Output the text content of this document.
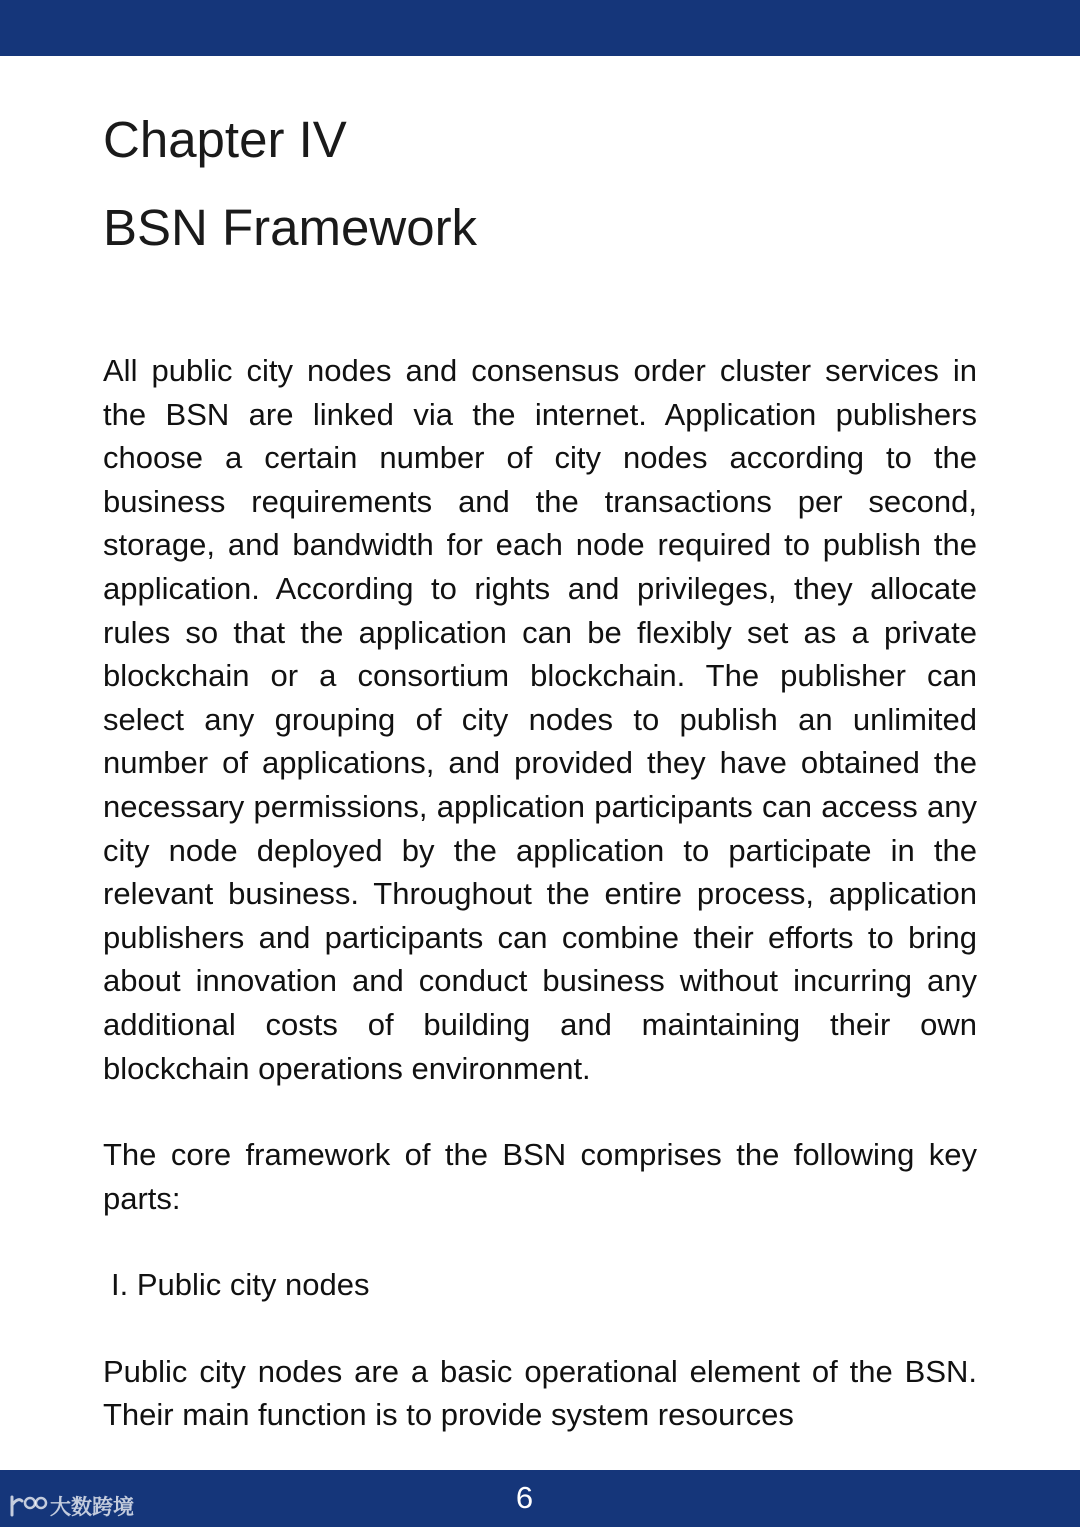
Chapter IV
BSN Framework

All public city nodes and consensus order cluster services in the BSN are linked via the internet. Application publishers choose a certain number of city nodes according to the business requirements and the transactions per second, storage, and bandwidth for each node required to publish the application. According to rights and privileges, they allocate rules so that the application can be flexibly set as a private blockchain or a consortium blockchain. The publisher can select any grouping of city nodes to publish an unlimited number of applications, and provided they have obtained the necessary permissions, application participants can access any city node deployed by the application to participate in the relevant business. Throughout the entire process, application publishers and participants can combine their efforts to bring about innovation and conduct business without incurring any additional costs of building and maintaining their own blockchain operations environment.

The core framework of the BSN comprises the following key parts:

I. Public city nodes

Public city nodes are a basic operational element of the BSN. Their main function is to provide system resources

大数跨境	6
